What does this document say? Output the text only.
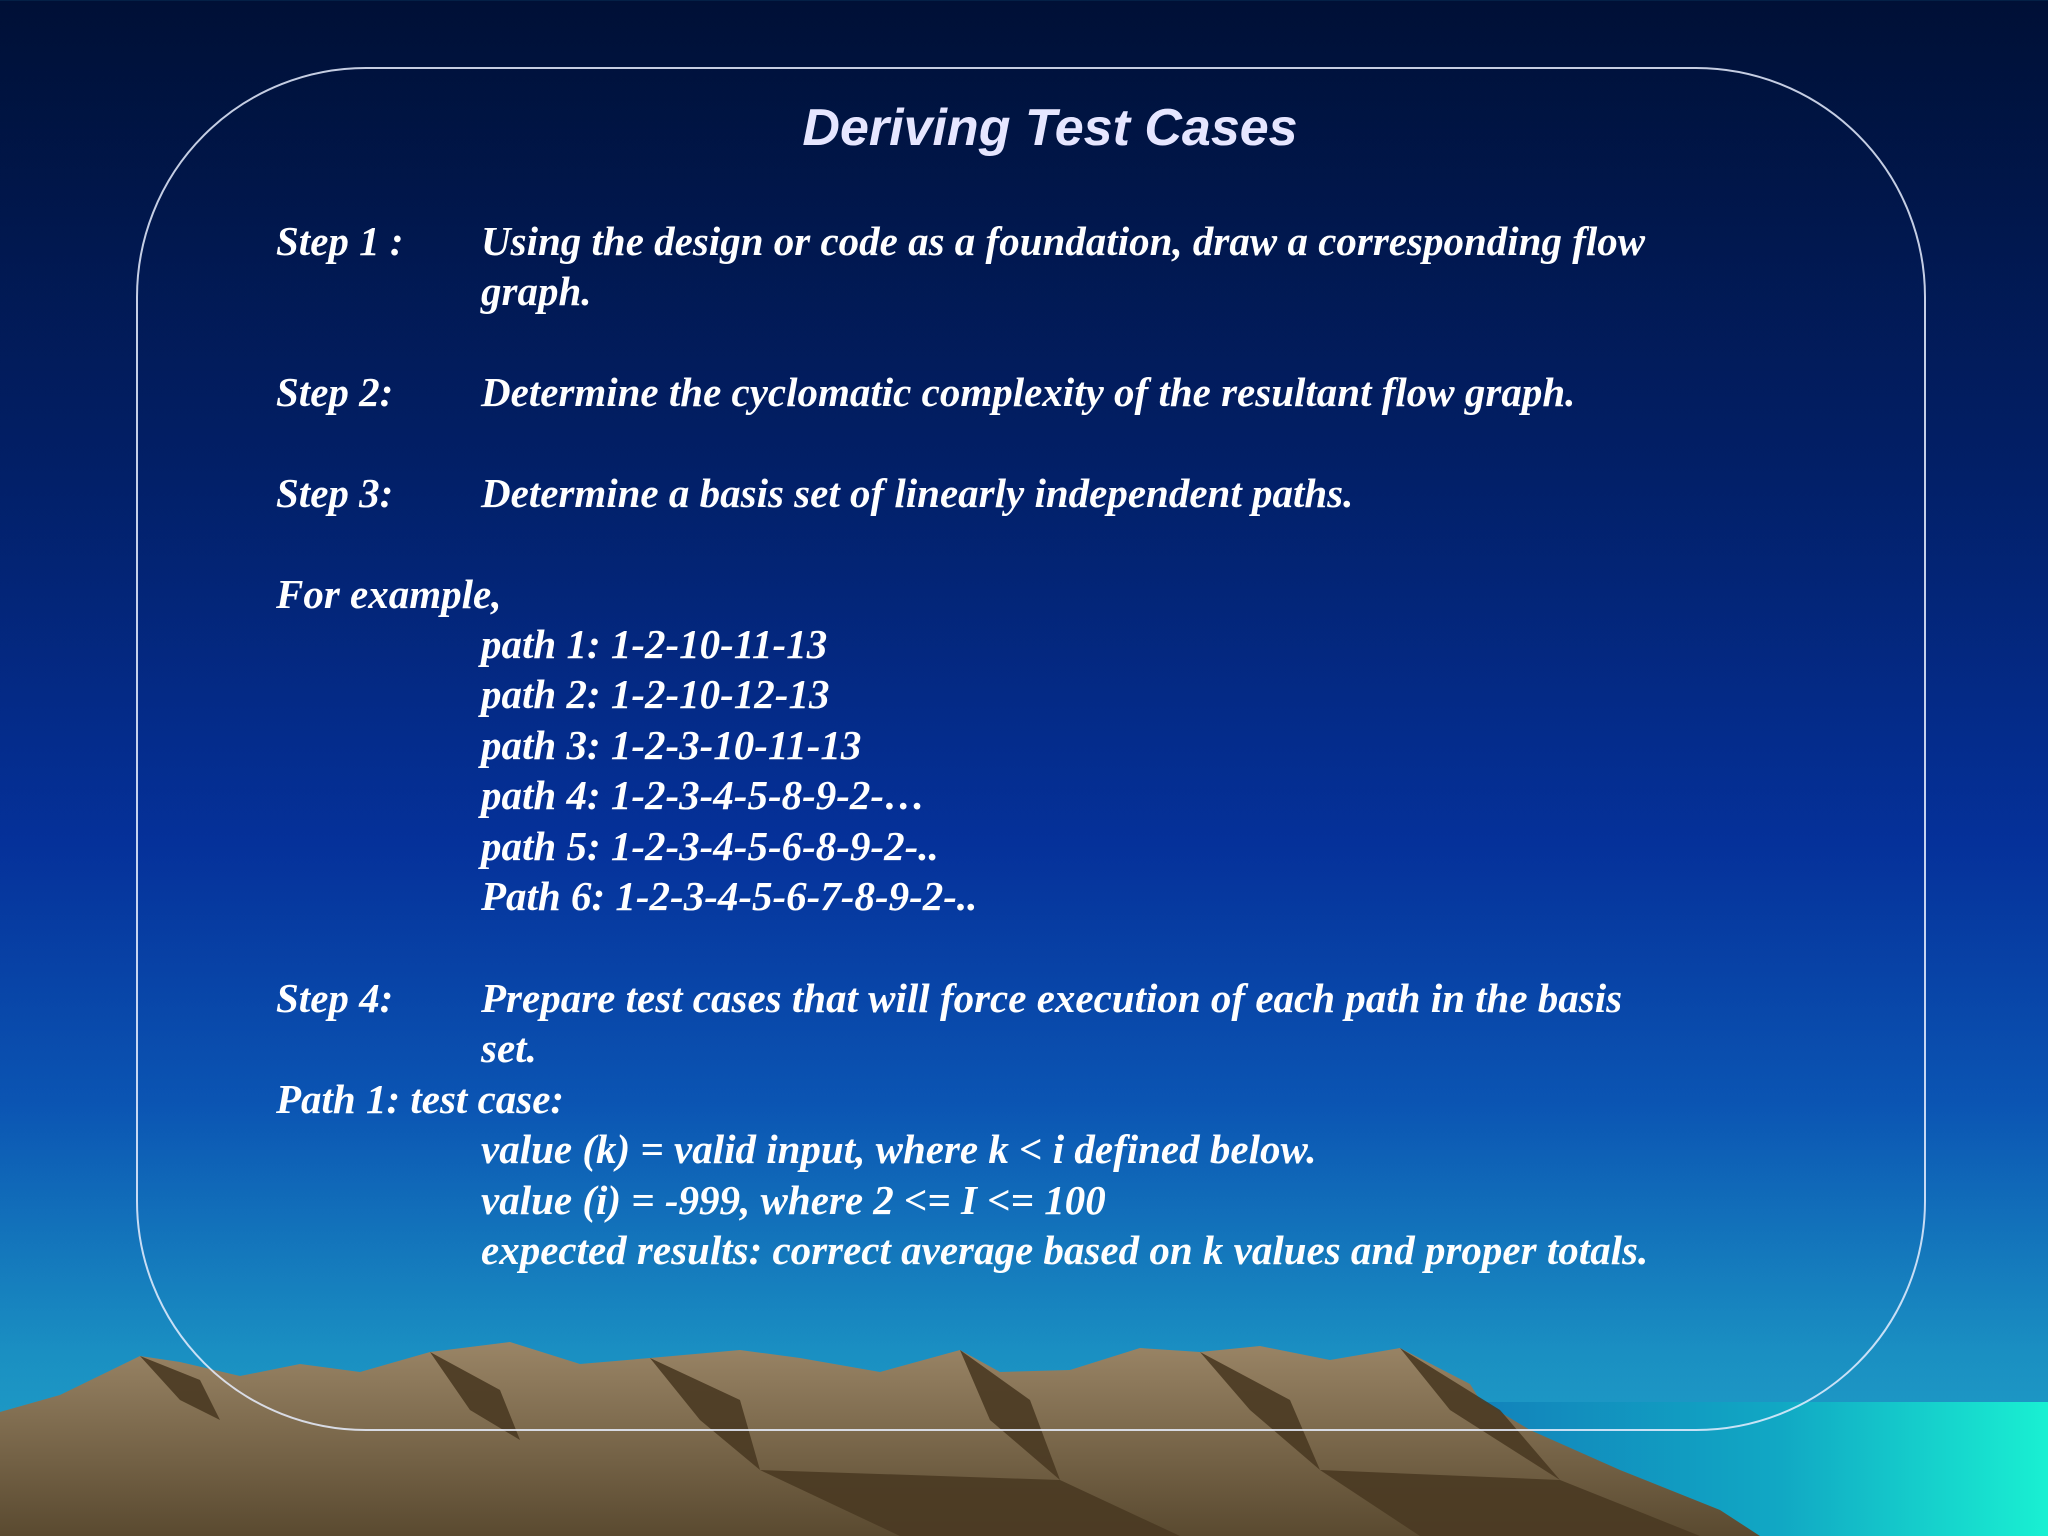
Deriving Test Cases
Step 1 : Using the design or code as a foundation, draw a corresponding flow
graph.
Step 2: Determine the cyclomatic complexity of the resultant flow graph.
Step 3: Determine a basis set of linearly independent paths.
For example,
path 1: 1-2-10-11-13
path 2: 1-2-10-12-13
path 3: 1-2-3-10-11-13
path 4: 1-2-3-4-5-8-9-2-…
path 5: 1-2-3-4-5-6-8-9-2-..
Path 6: 1-2-3-4-5-6-7-8-9-2-..
Step 4: Prepare test cases that will force execution of each path in the basis
set.
Path 1: test case:
value (k) = valid input, where k < i defined below.
value (i) = -999, where 2 <= I <= 100
expected results: correct average based on k values and proper totals.
